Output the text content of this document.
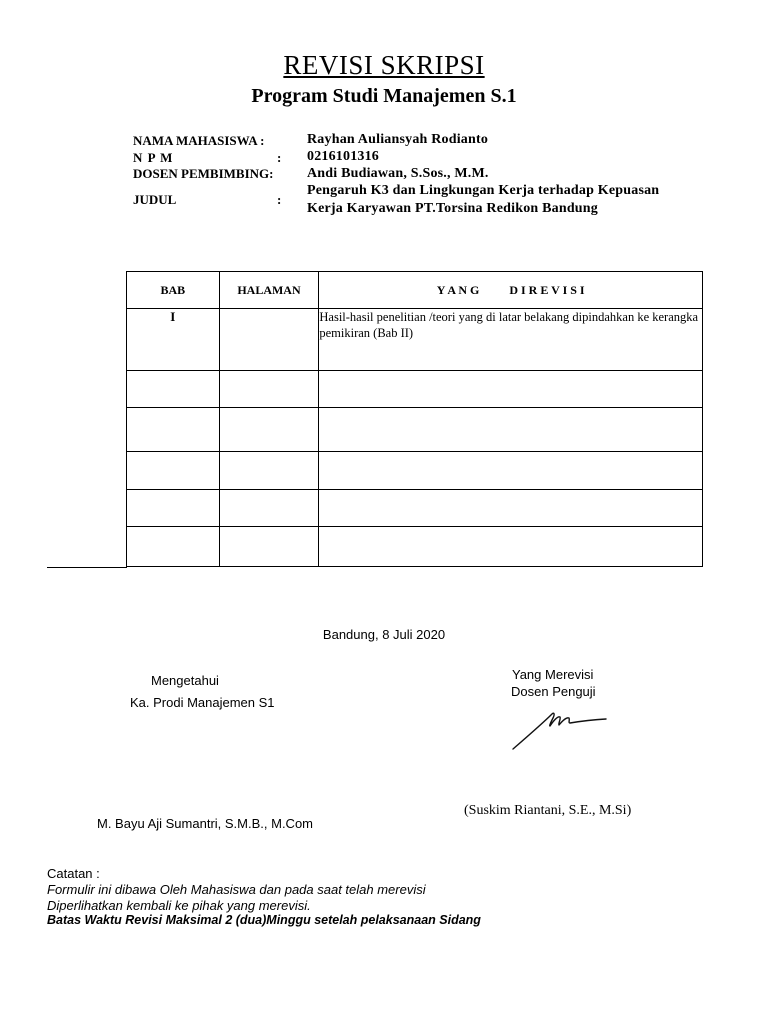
REVISI SKRIPSI
Program Studi Manajemen S.1
NAMA MAHASISWA :	Rayhan Auliansyah Rodianto
N P M	: 0216101316
DOSEN PEMBIMBING: Andi Budiawan, S.Sos., M.M.
JUDUL	:
Pengaruh K3 dan Lingkungan Kerja terhadap Kepuasan
Kerja Karyawan PT.Torsina Redikon Bandung
BAB	HALAMAN	Y A N G          D I R E V I S I
I		Hasil-hasil penelitian /teori yang di latar belakang dipindahkan ke kerangka pemikiran (Bab II)

Bandung, 8 Juli 2020
Mengetahui
Ka. Prodi Manajemen S1
Yang Merevisi
Dosen Penguji
(Suskim Riantani, S.E., M.Si)
M. Bayu Aji Sumantri, S.M.B., M.Com
Catatan :
Formulir ini dibawa Oleh Mahasiswa dan pada saat telah merevisi
Diperlihatkan kembali ke pihak yang merevisi.
Batas Waktu Revisi Maksimal 2 (dua)Minggu setelah pelaksanaan Sidang
